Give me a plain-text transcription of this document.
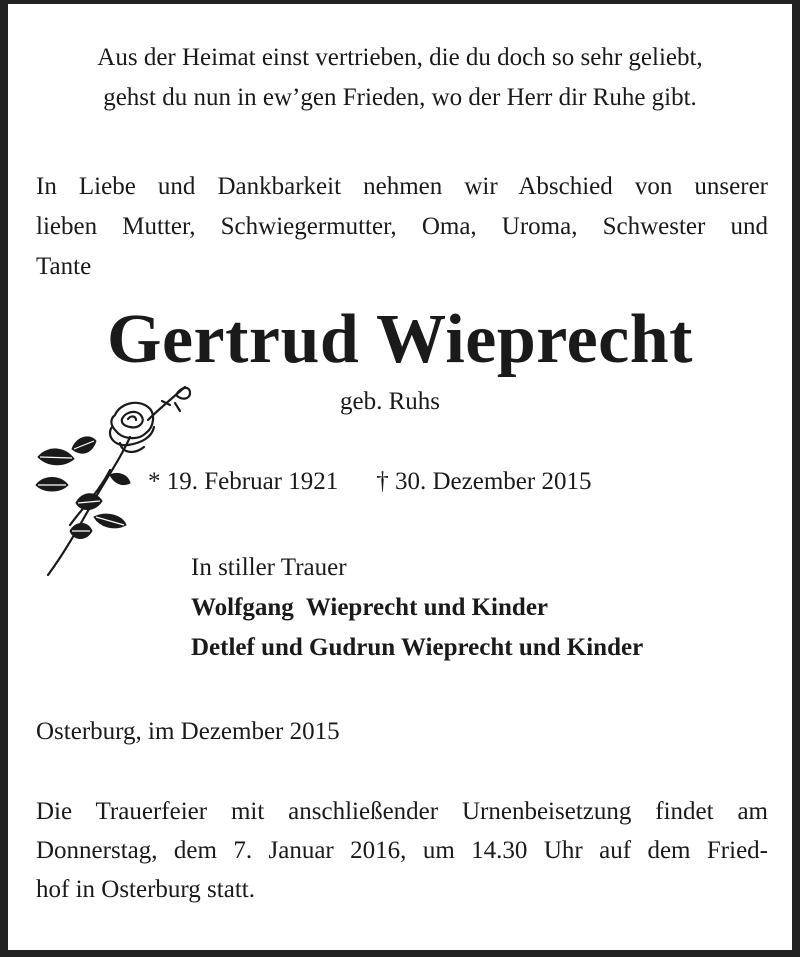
Aus der Heimat einst vertrieben, die du doch so sehr geliebt,
gehst du nun in ew’gen Frieden, wo der Herr dir Ruhe gibt.
In Liebe und Dankbarkeit nehmen wir Abschied von unserer
lieben Mutter, Schwiegermutter, Oma, Uroma, Schwester und
Tante
Gertrud Wieprecht
geb. Ruhs
* 19. Februar 1921 † 30. Dezember 2015
In stiller Trauer
Wolfgang  Wieprecht und Kinder
Detlef und Gudrun Wieprecht und Kinder
Osterburg, im Dezember 2015
Die Trauerfeier mit anschließender Urnenbeisetzung findet am
Donnerstag, dem 7. Januar 2016, um 14.30 Uhr auf dem Fried-
hof in Osterburg statt.
